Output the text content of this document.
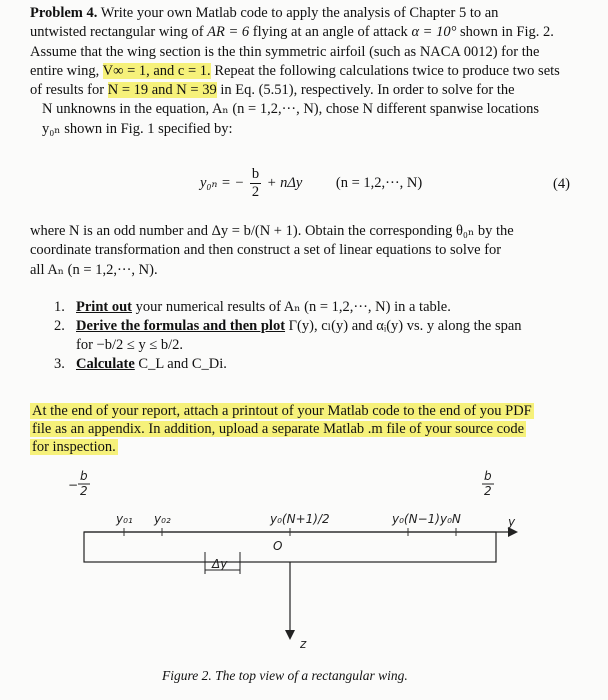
Problem 4. Write your own Matlab code to apply the analysis of Chapter 5 to an
untwisted rectangular wing of AR = 6 flying at an angle of attack α = 10° shown in Fig. 2.
Assume that the wing section is the thin symmetric airfoil (such as NACA 0012) for the
entire wing, V∞ = 1, and c = 1. Repeat the following calculations twice to produce two sets
of results for N = 19 and N = 39 in Eq. (5.51), respectively. In order to solve for the
N unknowns in the equation, Aₙ (n = 1,2,···, N), chose N different spanwise locations
y₀ₙ shown in Fig. 1 specified by:
y₀ₙ = − $\frac{b}{2} + n\Delta y$ (n = 1,2,···, N)	(4)
where N is an odd number and Δy = b/(N + 1). Obtain the corresponding θ₀ₙ by the
coordinate transformation and then construct a set of linear equations to solve for
all Aₙ (n = 1,2,···, N).
1. Print out your numerical results of Aₙ (n = 1,2,···, N) in a table.
2. Derive the formulas and then plot Γ(y), cₗ(y) and αᵢ(y) vs. y along the span
for −b/2 ≤ y ≤ b/2.
3. Calculate C_L and C_Di.
At the end of your report, attach a printout of your Matlab code to the end of you PDF
file as an appendix. In addition, upload a separate Matlab .m file of your source code
for inspection.
−
b
2
b
2
y
y₀₁ y₀₂	y₀(N+1)/2	y₀(N−1) y₀N
O
Δy
z
Figure 2. The top view of a rectangular wing.
